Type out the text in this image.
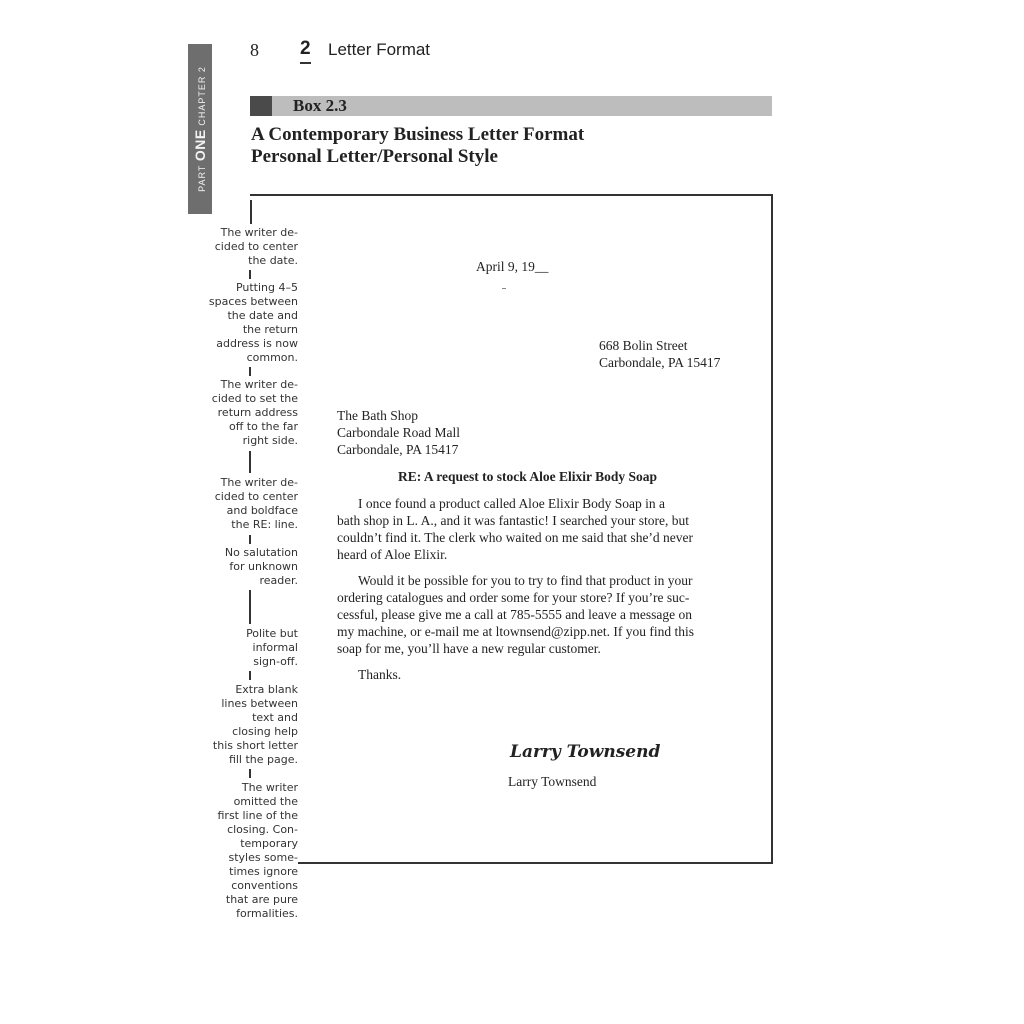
PART ONE CHAPTER 2
8 2 Letter Format
Box 2.3
A Contemporary Business Letter Format
Personal Letter/Personal Style
April 9, 19__
668 Bolin Street
Carbondale, PA 15417
The Bath Shop
Carbondale Road Mall
Carbondale, PA 15417
RE: A request to stock Aloe Elixir Body Soap
I once found a product called Aloe Elixir Body Soap in a
bath shop in L. A., and it was fantastic! I searched your store, but
couldn’t find it. The clerk who waited on me said that she’d never
heard of Aloe Elixir.
Would it be possible for you to try to find that product in your
ordering catalogues and order some for your store? If you’re suc-
cessful, please give me a call at 785-5555 and leave a message on
my machine, or e-mail me at ltownsend@zipp.net. If you find this
soap for me, you’ll have a new regular customer.
Thanks.
Larry Townsend
Larry Townsend
The writer de-
cided to center
the date.
Putting 4–5
spaces between
the date and
the return
address is now
common.
The writer de-
cided to set the
return address
off to the far
right side.
The writer de-
cided to center
and boldface
the RE: line.
No salutation
for unknown
reader.
Polite but
informal
sign-off.
Extra blank
lines between
text and
closing help
this short letter
fill the page.
The writer
omitted the
first line of the
closing. Con-
temporary
styles some-
times ignore
conventions
that are pure
formalities.
